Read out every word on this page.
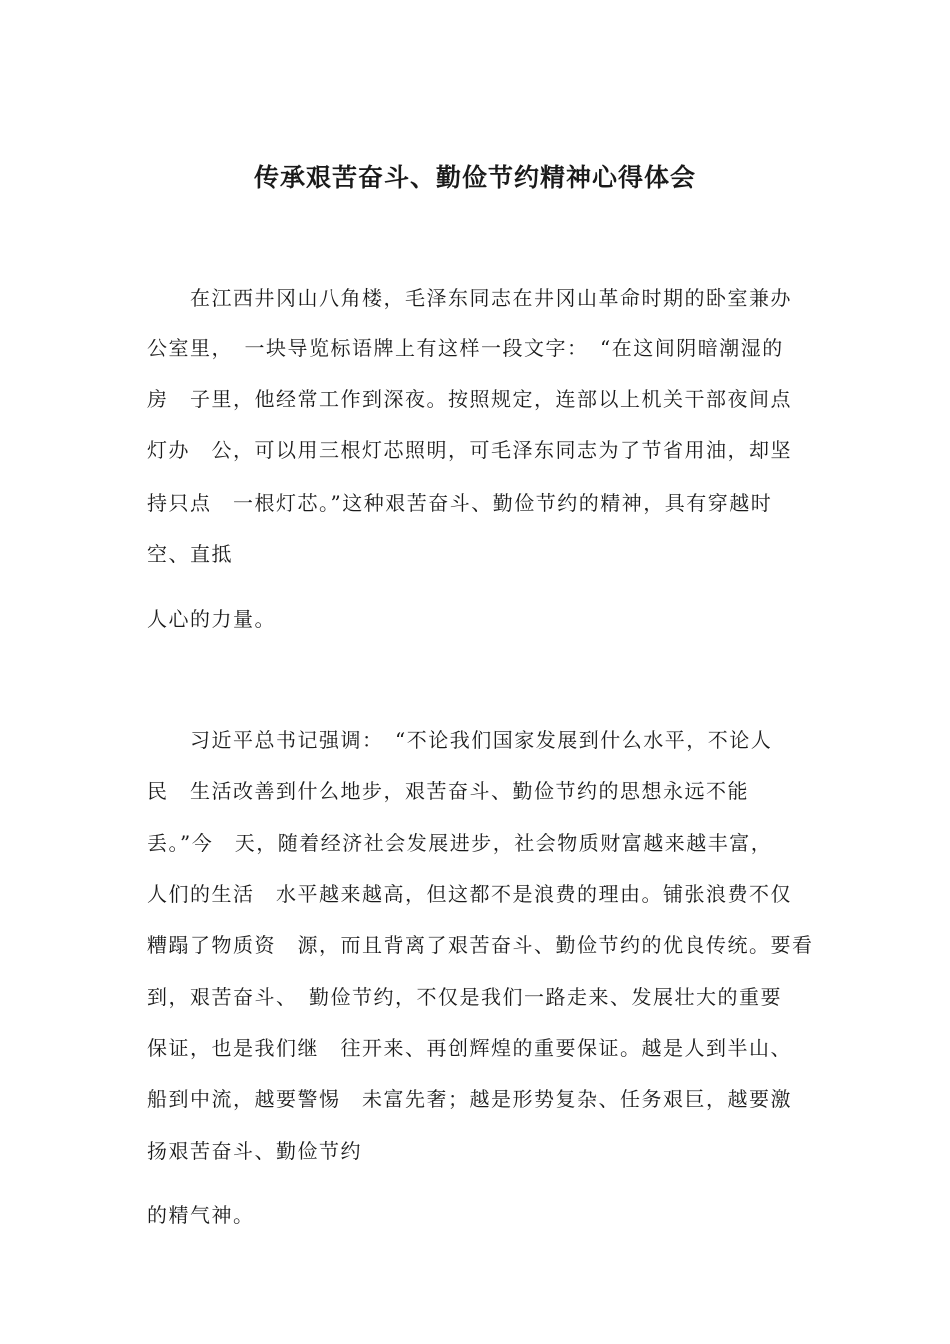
传承艰苦奋斗、勤俭节约精神心得体会

　　在江西井冈山八角楼，毛泽东同志在井冈山革命时期的卧室兼办

公室里，　一块导览标语牌上有这样一段文字：　“在这间阴暗潮湿的

房　子里，他经常工作到深夜。按照规定，连部以上机关干部夜间点

灯办　公，可以用三根灯芯照明，可毛泽东同志为了节省用油，却坚

持只点　一根灯芯。”这种艰苦奋斗、勤俭节约的精神，具有穿越时

空、直抵

人心的力量。

　　习近平总书记强调：　“不论我们国家发展到什么水平，不论人

民　生活改善到什么地步，艰苦奋斗、勤俭节约的思想永远不能

丢。”今　天，随着经济社会发展进步，社会物质财富越来越丰富，

人们的生活　水平越来越高，但这都不是浪费的理由。铺张浪费不仅

糟蹋了物质资　源，而且背离了艰苦奋斗、勤俭节约的优良传统。要看

到，艰苦奋斗、　勤俭节约，不仅是我们一路走来、发展壮大的重要

保证，也是我们继　往开来、再创辉煌的重要保证。越是人到半山、

船到中流，越要警惕　未富先奢；越是形势复杂、任务艰巨，越要激

扬艰苦奋斗、勤俭节约

的精气神。
